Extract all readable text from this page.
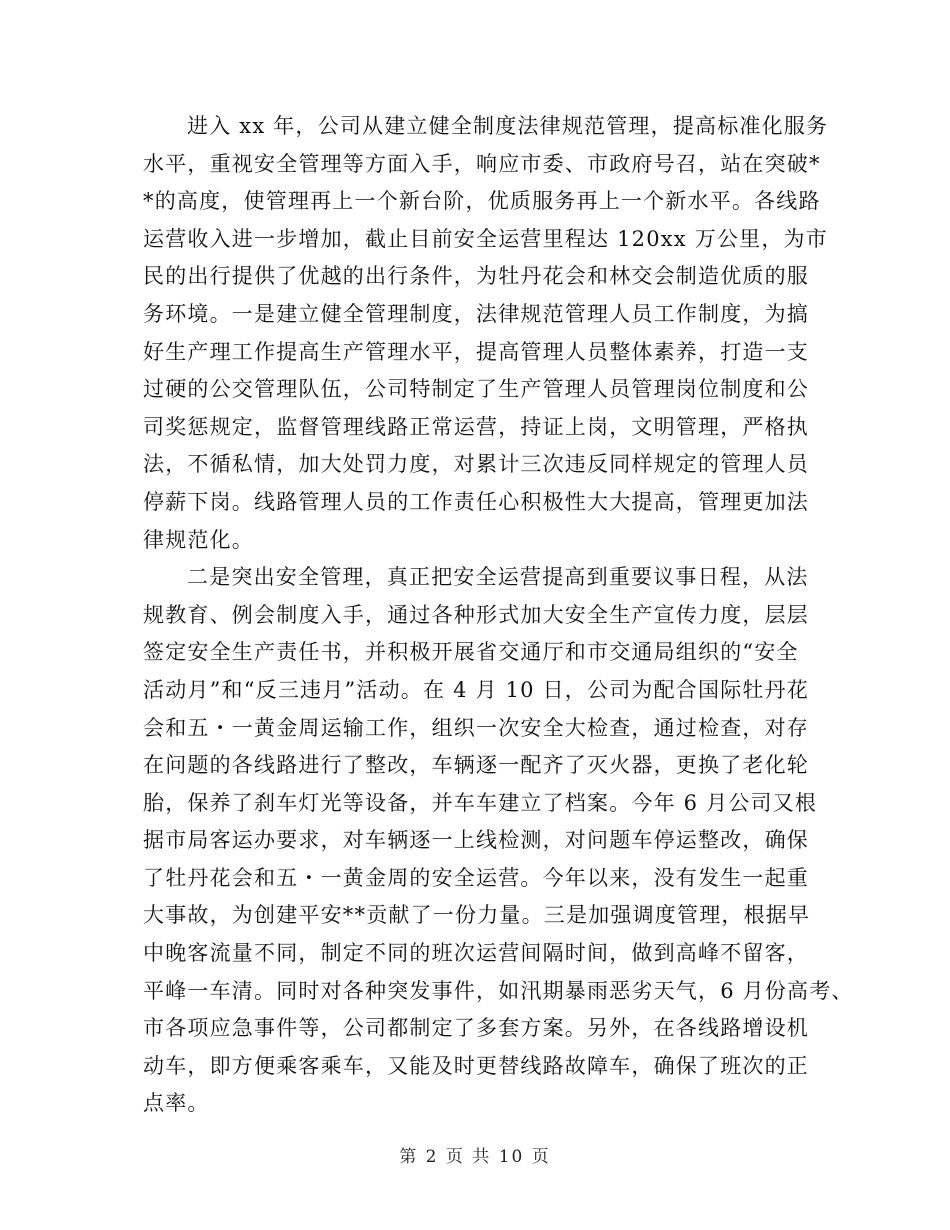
进入 xx 年，公司从建立健全制度法律规范管理，提高标准化服务
水平，重视安全管理等方面入手，响应市委、市政府号召，站在突破*
*的高度，使管理再上一个新台阶，优质服务再上一个新水平。各线路
运营收入进一步增加，截止目前安全运营里程达 120xx 万公里，为市
民的出行提供了优越的出行条件，为牡丹花会和林交会制造优质的服
务环境。一是建立健全管理制度，法律规范管理人员工作制度，为搞
好生产理工作提高生产管理水平，提高管理人员整体素养，打造一支
过硬的公交管理队伍，公司特制定了生产管理人员管理岗位制度和公
司奖惩规定，监督管理线路正常运营，持证上岗，文明管理，严格执
法，不循私情，加大处罚力度，对累计三次违反同样规定的管理人员
停薪下岗。线路管理人员的工作责任心积极性大大提高，管理更加法
律规范化。
二是突出安全管理，真正把安全运营提高到重要议事日程，从法
规教育、例会制度入手，通过各种形式加大安全生产宣传力度，层层
签定安全生产责任书，并积极开展省交通厅和市交通局组织的“安全
活动月”和“反三违月”活动。在 4 月 10 日，公司为配合国际牡丹花
会和五・一黄金周运输工作，组织一次安全大检查，通过检查，对存
在问题的各线路进行了整改，车辆逐一配齐了灭火器，更换了老化轮
胎，保养了刹车灯光等设备，并车车建立了档案。今年 6 月公司又根
据市局客运办要求，对车辆逐一上线检测，对问题车停运整改，确保
了牡丹花会和五・一黄金周的安全运营。今年以来，没有发生一起重
大事故，为创建平安**贡献了一份力量。三是加强调度管理，根据早
中晚客流量不同，制定不同的班次运营间隔时间，做到高峰不留客，
平峰一车清。同时对各种突发事件，如汛期暴雨恶劣天气，6 月份高考、
市各项应急事件等，公司都制定了多套方案。另外，在各线路增设机
动车，即方便乘客乘车，又能及时更替线路故障车，确保了班次的正
点率。
第 2 页 共 10 页
